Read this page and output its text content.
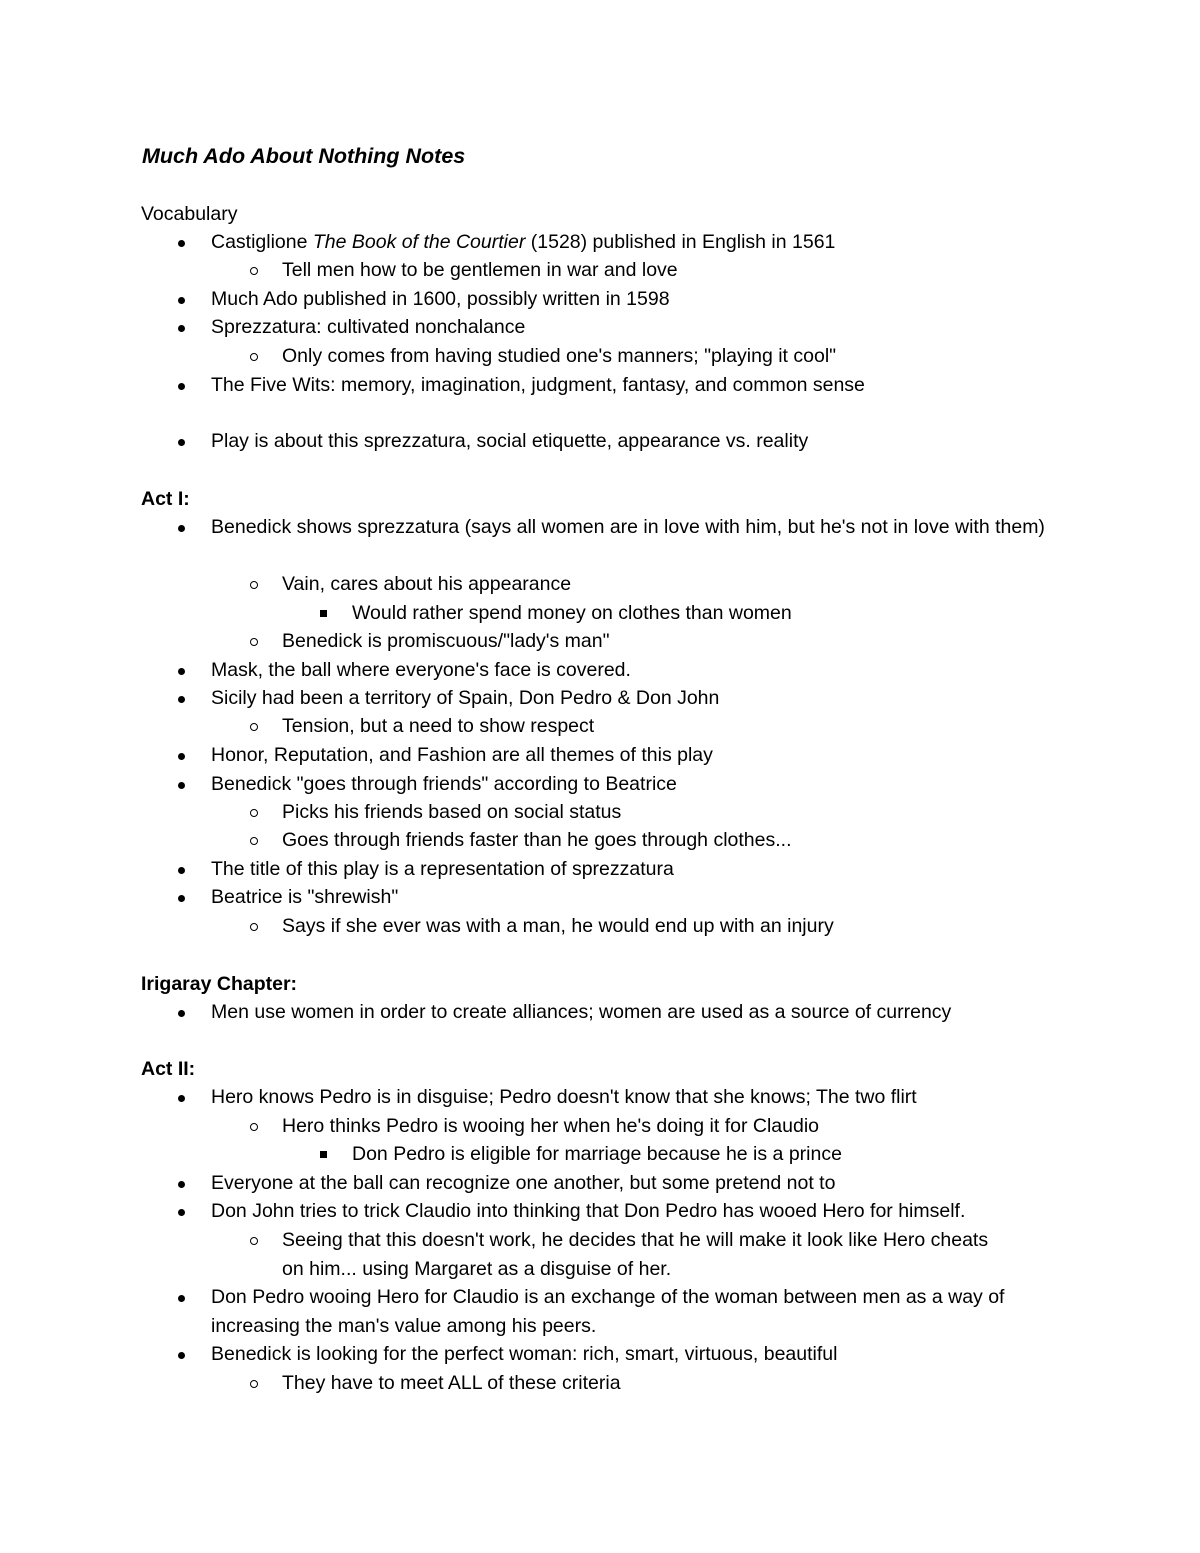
Much Ado About Nothing Notes
Vocabulary
Castiglione The Book of the Courtier (1528) published in English in 1561
Tell men how to be gentlemen in war and love
Much Ado published in 1600, possibly written in 1598
Sprezzatura: cultivated nonchalance
Only comes from having studied one's manners; "playing it cool"
The Five Wits: memory, imagination, judgment, fantasy, and common sense
Play is about this sprezzatura, social etiquette, appearance vs. reality
Act I:
Benedick shows sprezzatura (says all women are in love with him, but he's not in love with them)
Vain, cares about his appearance
Would rather spend money on clothes than women
Benedick is promiscuous/"lady's man"
Mask, the ball where everyone's face is covered.
Sicily had been a territory of Spain, Don Pedro & Don John
Tension, but a need to show respect
Honor, Reputation, and Fashion are all themes of this play
Benedick "goes through friends" according to Beatrice
Picks his friends based on social status
Goes through friends faster than he goes through clothes...
The title of this play is a representation of sprezzatura
Beatrice is "shrewish"
Says if she ever was with a man, he would end up with an injury
Irigaray Chapter:
Men use women in order to create alliances; women are used as a source of currency
Act II:
Hero knows Pedro is in disguise; Pedro doesn't know that she knows; The two flirt
Hero thinks Pedro is wooing her when he's doing it for Claudio
Don Pedro is eligible for marriage because he is a prince
Everyone at the ball can recognize one another, but some pretend not to
Don John tries to trick Claudio into thinking that Don Pedro has wooed Hero for himself.
Seeing that this doesn't work, he decides that he will make it look like Hero cheats on him... using Margaret as a disguise of her.
Don Pedro wooing Hero for Claudio is an exchange of the woman between men as a way of increasing the man's value among his peers.
Benedick is looking for the perfect woman: rich, smart, virtuous, beautiful
They have to meet ALL of these criteria
